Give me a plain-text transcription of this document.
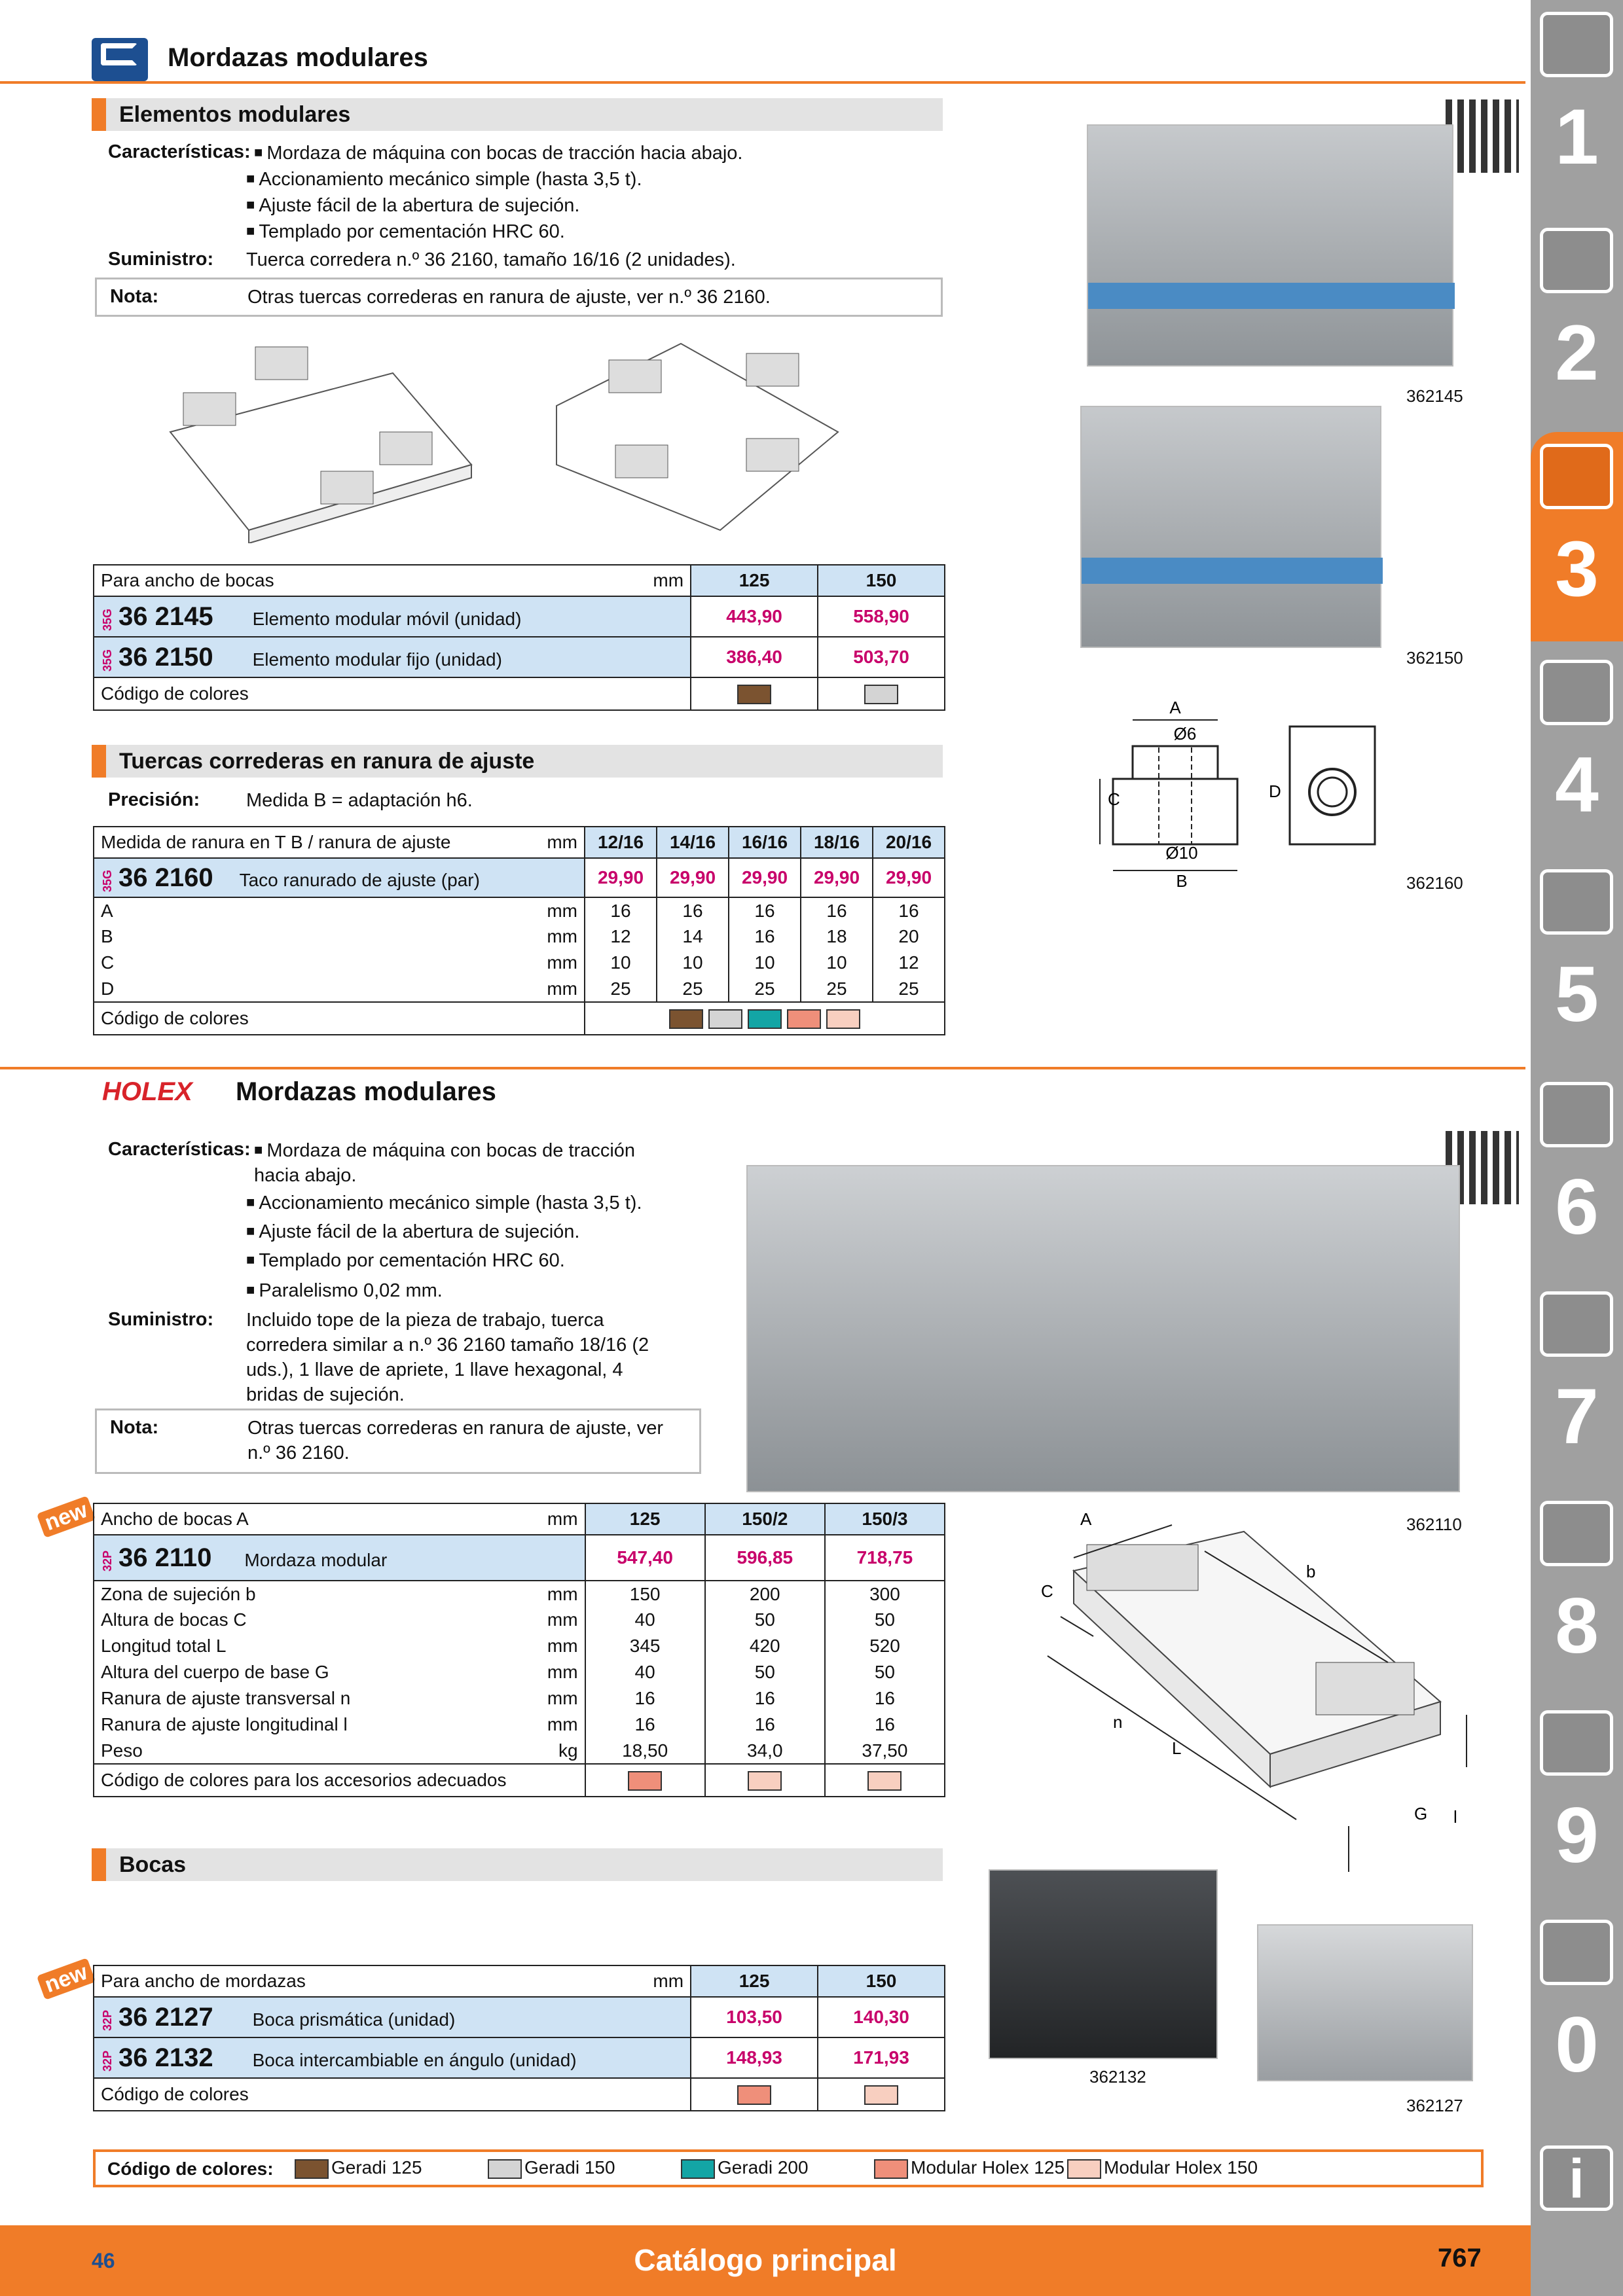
Mordazas modulares
Elementos modulares
Características: ■ Mordaza de máquina con bocas de tracción hacia abajo.
■ Accionamiento mecánico simple (hasta 3,5 t).
■ Ajuste fácil de la abertura de sujeción.
■ Templado por cementación HRC 60.
Suministro: Tuerca corredera n.º 36 2160, tamaño 16/16 (2 unidades).
Nota:	Otras tuercas correderas en ranura de ajuste, ver n.º 36 2160.
362145
362150
Para ancho de bocas	mm	125	150
35G 36 2145 Elemento modular móvil (unidad)		443,90	558,90
35G 36 2150 Elemento modular fijo (unidad)		386,40	503,70
Código de colores			
Tuercas correderas en ranura de ajuste
Precisión: Medida B = adaptación h6.
Medida de ranura en T B / ranura de ajuste	mm	12/16	14/16	16/16	18/16	20/16
35G 36 2160 Taco ranurado de ajuste (par)		29,90	29,90	29,90	29,90	29,90
A	mm	16	16	16	16	16
B	mm	12	14	16	18	20
C	mm	10	10	10	10	12
D	mm	25	25	25	25	25
Código de colores						
A
Ø6
C	D
Ø10
B	362160
HOLEX Mordazas modulares
Características: ■ Mordaza de máquina con bocas de tracción hacia abajo.
■ Accionamiento mecánico simple (hasta 3,5 t).
■ Ajuste fácil de la abertura de sujeción.
■ Templado por cementación HRC 60.
■ Paralelismo 0,02 mm.
Suministro: Incluido tope de la pieza de trabajo, tuerca corredera similar a n.º 36 2160 tamaño 18/16 (2 uds.), 1 llave de apriete, 1 llave hexagonal, 4 bridas de sujeción.
Nota:	Otras tuercas correderas en ranura de ajuste, ver n.º 36 2160.
362110
new Ancho de bocas A	mm	125	150/2	150/3
32P 36 2110 Mordaza modular		547,40	596,85	718,75
Zona de sujeción b	mm	150	200	300
Altura de bocas C	mm	40	50	50
Longitud total L	mm	345	420	520
Altura del cuerpo de base G	mm	40	50	50
Ranura de ajuste transversal n	mm	16	16	16
Ranura de ajuste longitudinal l	mm	16	16	16
Peso	kg	18,50	34,0	37,50
Código de colores para los accesorios adecuados				
A
b
C
n
L
G l
Bocas
new Para ancho de mordazas	mm	125	150
32P 36 2127 Boca prismática (unidad)		103,50	140,30
32P 36 2132 Boca intercambiable en ángulo (unidad)		148,93	171,93
Código de colores			
362132
362127
Código de colores:	Geradi 125	Geradi 150	Geradi 200	Modular Holex 125	Modular Holex 150
46	Catálogo principal	767
1
2
3
4
5
6
7
8
9
0
i
